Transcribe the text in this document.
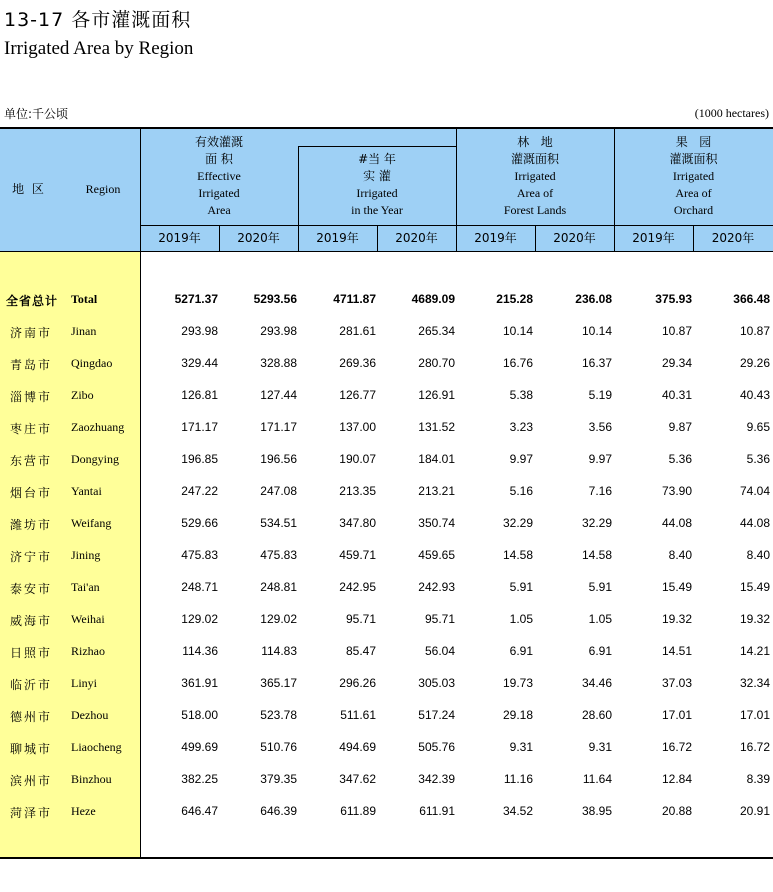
13-17 各市灌溉面积
Irrigated Area by Region
单位:千公顷	(1000 hectares)
地 区	Region
有效灌溉
面 积
Effective
Irrigated
Area
#当 年
实 灌
Irrigated
in the Year
林   地
灌溉面积
Irrigated
Area of
Forest Lands
果   园
灌溉面积
Irrigated
Area of
Orchard
2019年	2020年	2019年	2020年	2019年	2020年	2019年	2020年
全省总计 Total	5271.37	5293.56	4711.87	4689.09	215.28	236.08	375.93	366.48
济南市 Jinan	293.98	293.98	281.61	265.34	10.14	10.14	10.87	10.87
青岛市 Qingdao	329.44	328.88	269.36	280.70	16.76	16.37	29.34	29.26
淄博市 Zibo	126.81	127.44	126.77	126.91	5.38	5.19	40.31	40.43
枣庄市 Zaozhuang	171.17	171.17	137.00	131.52	3.23	3.56	9.87	9.65
东营市 Dongying	196.85	196.56	190.07	184.01	9.97	9.97	5.36	5.36
烟台市 Yantai	247.22	247.08	213.35	213.21	5.16	7.16	73.90	74.04
潍坊市 Weifang	529.66	534.51	347.80	350.74	32.29	32.29	44.08	44.08
济宁市 Jining	475.83	475.83	459.71	459.65	14.58	14.58	8.40	8.40
泰安市 Tai'an	248.71	248.81	242.95	242.93	5.91	5.91	15.49	15.49
威海市 Weihai	129.02	129.02	95.71	95.71	1.05	1.05	19.32	19.32
日照市 Rizhao	114.36	114.83	85.47	56.04	6.91	6.91	14.51	14.21
临沂市 Linyi	361.91	365.17	296.26	305.03	19.73	34.46	37.03	32.34
德州市 Dezhou	518.00	523.78	511.61	517.24	29.18	28.60	17.01	17.01
聊城市 Liaocheng	499.69	510.76	494.69	505.76	9.31	9.31	16.72	16.72
滨州市 Binzhou	382.25	379.35	347.62	342.39	11.16	11.64	12.84	8.39
菏泽市 Heze	646.47	646.39	611.89	611.91	34.52	38.95	20.88	20.91
